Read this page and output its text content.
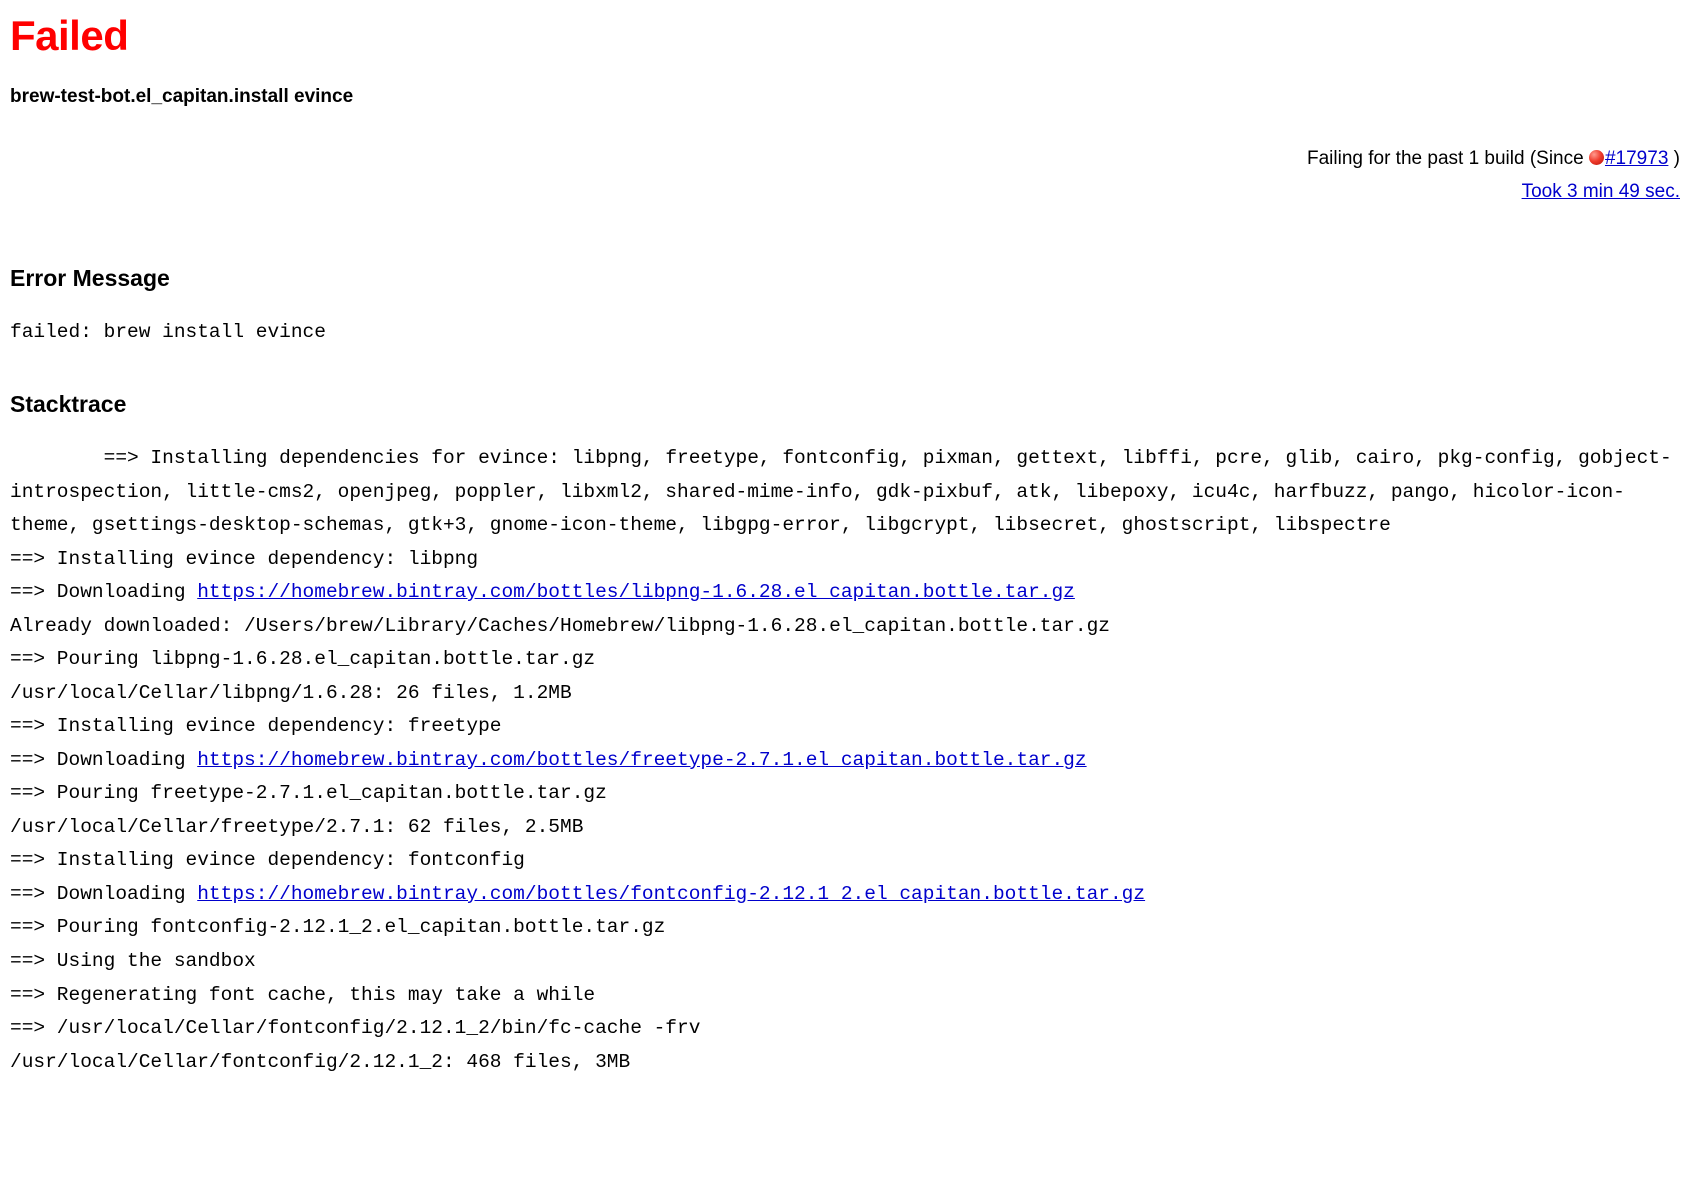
Failed
brew-test-bot.el_capitan.install evince
Failing for the past 1 build (Since #17973 )
Took 3 min 49 sec.
Error Message
failed: brew install evince
Stacktrace
==> Installing dependencies for evince: libpng, freetype, fontconfig, pixman, gettext, libffi, pcre, glib, cairo, pkg-config, gobject-introspection, little-cms2, openjpeg, poppler, libxml2, shared-mime-info, gdk-pixbuf, atk, libepoxy, icu4c, harfbuzz, pango, hicolor-icon-theme, gsettings-desktop-schemas, gtk+3, gnome-icon-theme, libgpg-error, libgcrypt, libsecret, ghostscript, libspectre
==> Installing evince dependency: libpng
==> Downloading https://homebrew.bintray.com/bottles/libpng-1.6.28.el_capitan.bottle.tar.gz
Already downloaded: /Users/brew/Library/Caches/Homebrew/libpng-1.6.28.el_capitan.bottle.tar.gz
==> Pouring libpng-1.6.28.el_capitan.bottle.tar.gz
/usr/local/Cellar/libpng/1.6.28: 26 files, 1.2MB
==> Installing evince dependency: freetype
==> Downloading https://homebrew.bintray.com/bottles/freetype-2.7.1.el_capitan.bottle.tar.gz
==> Pouring freetype-2.7.1.el_capitan.bottle.tar.gz
/usr/local/Cellar/freetype/2.7.1: 62 files, 2.5MB
==> Installing evince dependency: fontconfig
==> Downloading https://homebrew.bintray.com/bottles/fontconfig-2.12.1_2.el_capitan.bottle.tar.gz
==> Pouring fontconfig-2.12.1_2.el_capitan.bottle.tar.gz
==> Using the sandbox
==> Regenerating font cache, this may take a while
==> /usr/local/Cellar/fontconfig/2.12.1_2/bin/fc-cache -frv
/usr/local/Cellar/fontconfig/2.12.1_2: 468 files, 3MB
